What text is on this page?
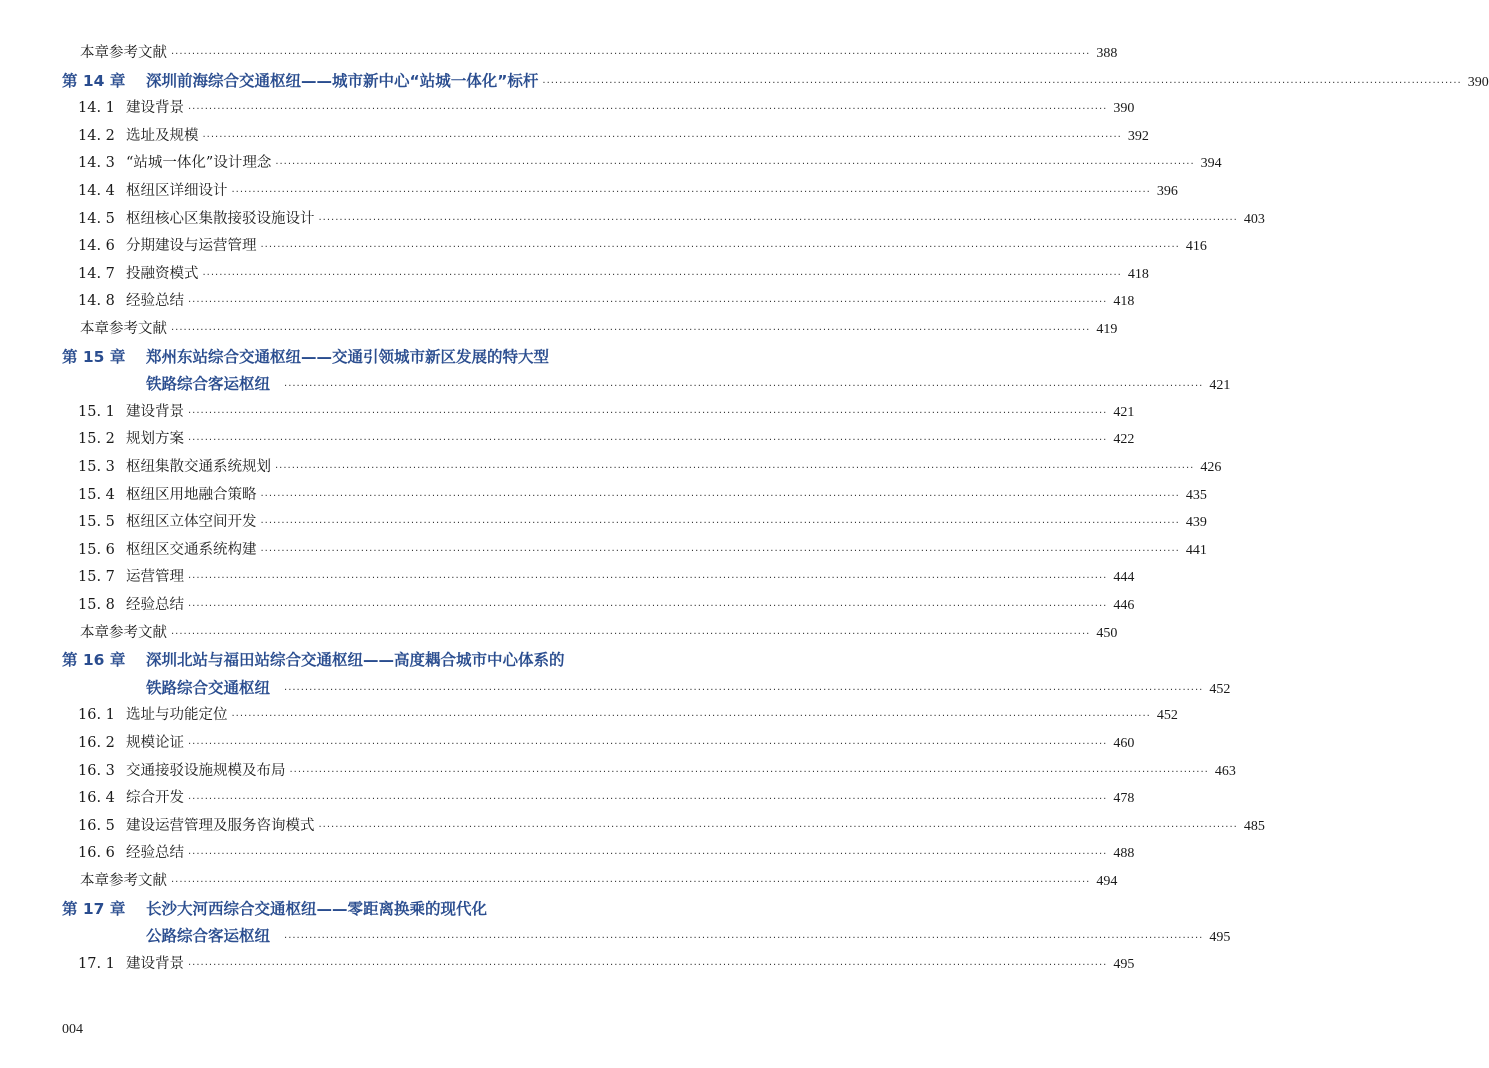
本章参考文献 ···························································································································································································································· 388
第 14 章 深圳前海综合交通枢纽——城市新中心“站城一体化”标杆 ···························································································································································································································· 390
14. 1 建设背景 ···························································································································································································································· 390
14. 2 选址及规模 ···························································································································································································································· 392
14. 3 “站城一体化”设计理念 ···························································································································································································································· 394
14. 4 枢纽区详细设计 ···························································································································································································································· 396
14. 5 枢纽核心区集散接驳设施设计 ···························································································································································································································· 403
14. 6 分期建设与运营管理 ···························································································································································································································· 416
14. 7 投融资模式 ···························································································································································································································· 418
14. 8 经验总结 ···························································································································································································································· 418
本章参考文献 ···························································································································································································································· 419
第 15 章 郑州东站综合交通枢纽——交通引领城市新区发展的特大型
铁路综合客运枢纽 ···························································································································································································································· 421
15. 1 建设背景 ···························································································································································································································· 421
15. 2 规划方案 ···························································································································································································································· 422
15. 3 枢纽集散交通系统规划 ···························································································································································································································· 426
15. 4 枢纽区用地融合策略 ···························································································································································································································· 435
15. 5 枢纽区立体空间开发 ···························································································································································································································· 439
15. 6 枢纽区交通系统构建 ···························································································································································································································· 441
15. 7 运营管理 ···························································································································································································································· 444
15. 8 经验总结 ···························································································································································································································· 446
本章参考文献 ···························································································································································································································· 450
第 16 章 深圳北站与福田站综合交通枢纽——高度耦合城市中心体系的
铁路综合交通枢纽 ···························································································································································································································· 452
16. 1 选址与功能定位 ···························································································································································································································· 452
16. 2 规模论证 ···························································································································································································································· 460
16. 3 交通接驳设施规模及布局 ···························································································································································································································· 463
16. 4 综合开发 ···························································································································································································································· 478
16. 5 建设运营管理及服务咨询模式 ···························································································································································································································· 485
16. 6 经验总结 ···························································································································································································································· 488
本章参考文献 ···························································································································································································································· 494
第 17 章 长沙大河西综合交通枢纽——零距离换乘的现代化
公路综合客运枢纽 ···························································································································································································································· 495
17. 1 建设背景 ···························································································································································································································· 495
004
